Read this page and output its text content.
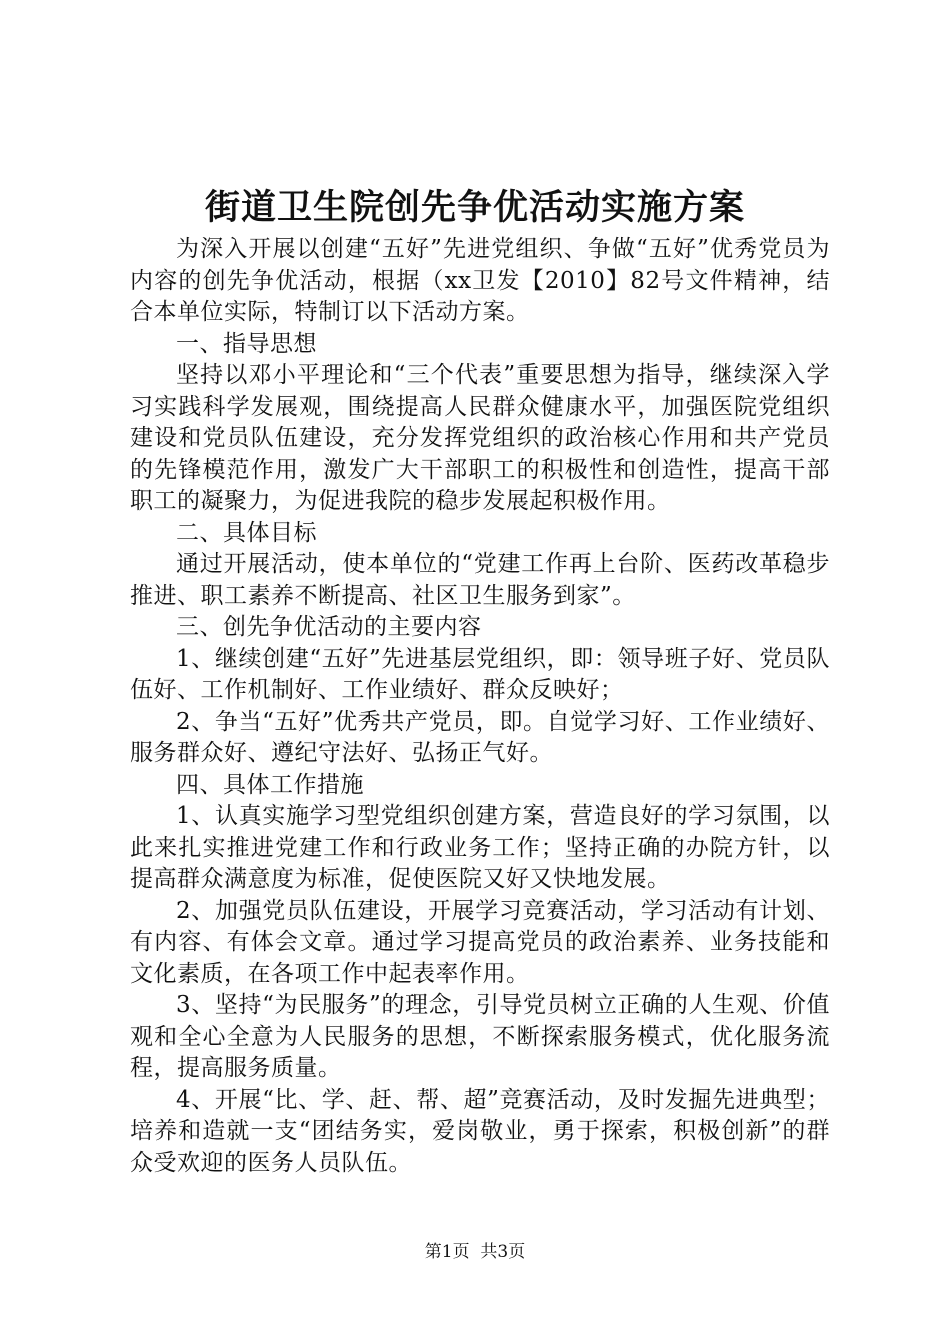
街道卫生院创先争优活动实施方案

为深入开展以创建“五好”先进党组织、争做“五好”优秀党员为内容的创先争优活动，根据（xx卫发【2010】82号文件精神，结合本单位实际，特制订以下活动方案。

一、指导思想

坚持以邓小平理论和“三个代表”重要思想为指导，继续深入学习实践科学发展观，围绕提高人民群众健康水平，加强医院党组织建设和党员队伍建设，充分发挥党组织的政治核心作用和共产党员的先锋模范作用，激发广大干部职工的积极性和创造性，提高干部职工的凝聚力，为促进我院的稳步发展起积极作用。

二、具体目标

通过开展活动，使本单位的“党建工作再上台阶、医药改革稳步推进、职工素养不断提高、社区卫生服务到家”。

三、创先争优活动的主要内容

1、继续创建“五好”先进基层党组织，即：领导班子好、党员队伍好、工作机制好、工作业绩好、群众反映好；

2、争当“五好”优秀共产党员，即。自觉学习好、工作业绩好、服务群众好、遵纪守法好、弘扬正气好。

四、具体工作措施

1、认真实施学习型党组织创建方案，营造良好的学习氛围，以此来扎实推进党建工作和行政业务工作；坚持正确的办院方针，以提高群众满意度为标准，促使医院又好又快地发展。

2、加强党员队伍建设，开展学习竞赛活动，学习活动有计划、有内容、有体会文章。通过学习提高党员的政治素养、业务技能和文化素质，在各项工作中起表率作用。

3、坚持“为民服务”的理念，引导党员树立正确的人生观、价值观和全心全意为人民服务的思想，不断探索服务模式，优化服务流程，提高服务质量。

4、开展“比、学、赶、帮、超”竞赛活动，及时发掘先进典型；培养和造就一支“团结务实，爱岗敬业，勇于探索，积极创新”的群众受欢迎的医务人员队伍。

第1页 共3页
